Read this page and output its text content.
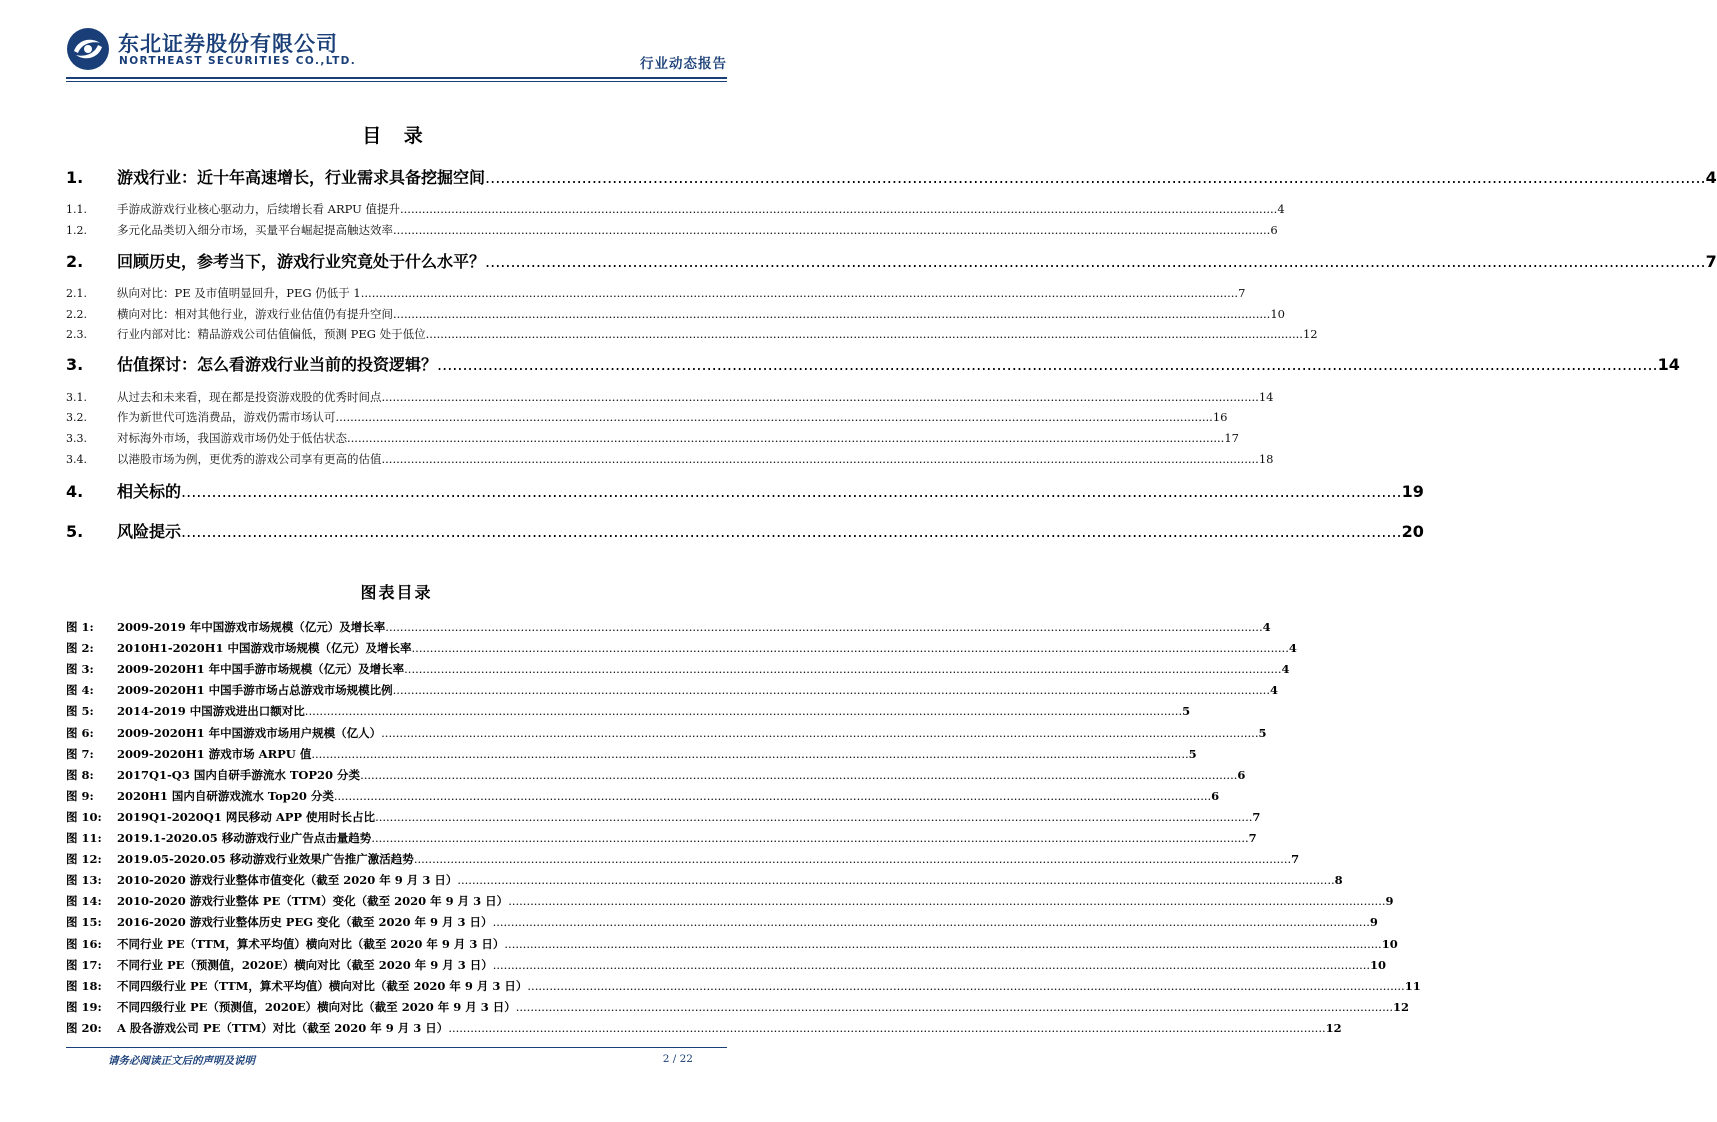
东北证券股份有限公司
NORTHEAST SECURITIES CO.,LTD.	行业动态报告
目 录
1.	游戏行业：近十年高速增长，行业需求具备挖掘空间 .....	4
1.1.	手游成游戏行业核心驱动力，后续增长看 ARPU 值提升 .....	4
1.2.	多元化品类切入细分市场，买量平台崛起提高触达效率 .....	6
2.	回顾历史，参考当下，游戏行业究竟处于什么水平？ .....	7
2.1.	纵向对比：PE 及市值明显回升，PEG 仍低于 1 .....	7
2.2.	横向对比：相对其他行业，游戏行业估值仍有提升空间 .....	10
2.3.	行业内部对比：精品游戏公司估值偏低，预测 PEG 处于低位 .....	12
3.	估值探讨：怎么看游戏行业当前的投资逻辑？ .....	14
3.1.	从过去和未来看，现在都是投资游戏股的优秀时间点 .....	14
3.2.	作为新世代可选消费品，游戏仍需市场认可 .....	16
3.3.	对标海外市场，我国游戏市场仍处于低估状态 .....	17
3.4.	以港股市场为例，更优秀的游戏公司享有更高的估值 .....	18
4.	相关标的 .....	19
5.	风险提示 .....	20
图表目录
图 1:	2009-2019 年中国游戏市场规模（亿元）及增长率 .....	4
图 2:	2010H1-2020H1 中国游戏市场规模（亿元）及增长率 .....	4
图 3:	2009-2020H1 年中国手游市场规模（亿元）及增长率 .....	4
图 4:	2009-2020H1 中国手游市场占总游戏市场规模比例 .....	4
图 5:	2014-2019 中国游戏进出口额对比 .....	5
图 6:	2009-2020H1 年中国游戏市场用户规模（亿人） .....	5
图 7:	2009-2020H1 游戏市场 ARPU 值 .....	5
图 8:	2017Q1-Q3 国内自研手游流水 TOP20 分类 .....	6
图 9:	2020H1 国内自研游戏流水 Top20 分类 .....	6
图 10:	2019Q1-2020Q1 网民移动 APP 使用时长占比 .....	7
图 11:	2019.1-2020.05 移动游戏行业广告点击量趋势 .....	7
图 12:	2019.05-2020.05 移动游戏行业效果广告推广激活趋势 .....	7
图 13:	2010-2020 游戏行业整体市值变化（截至 2020 年 9 月 3 日） .....	8
图 14:	2010-2020 游戏行业整体 PE（TTM）变化（截至 2020 年 9 月 3 日） .....	9
图 15:	2016-2020 游戏行业整体历史 PEG 变化（截至 2020 年 9 月 3 日） .....	9
图 16:	不同行业 PE（TTM，算术平均值）横向对比（截至 2020 年 9 月 3 日） .....	10
图 17:	不同行业 PE（预测值，2020E）横向对比（截至 2020 年 9 月 3 日） .....	10
图 18:	不同四级行业 PE（TTM，算术平均值）横向对比（截至 2020 年 9 月 3 日） .....	11
图 19:	不同四级行业 PE（预测值，2020E）横向对比（截至 2020 年 9 月 3 日） .....	12
图 20:	A 股各游戏公司 PE（TTM）对比（截至 2020 年 9 月 3 日） .....	12
请务必阅读正文后的声明及说明	2 / 22
